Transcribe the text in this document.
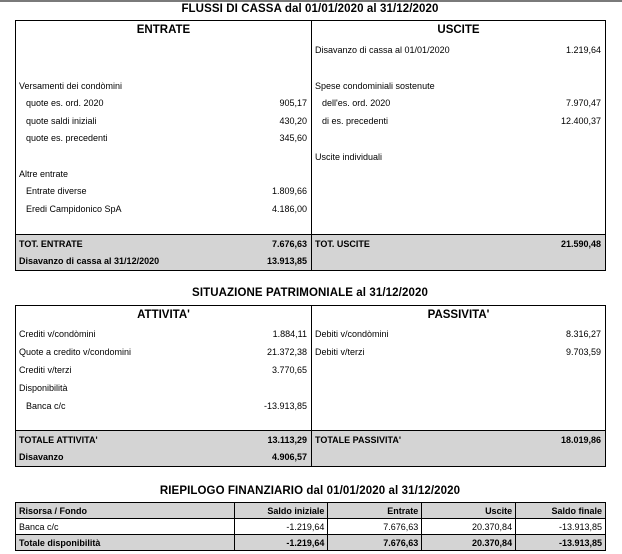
FLUSSI DI CASSA dal 01/01/2020 al 31/12/2020
ENTRATE
Versamenti dei condòmini
quote es. ord. 2020	905,17
quote saldi iniziali	430,20
quote es. precedenti	345,60
Altre entrate
Entrate diverse	1.809,66
Eredi Campidonico SpA	4.186,00
TOT. ENTRATE	7.676,63
Disavanzo di cassa al 31/12/2020	13.913,85
USCITE
Disavanzo di cassa al 01/01/2020	1.219,64
Spese condominiali sostenute
dell'es. ord. 2020	7.970,47
di es. precedenti	12.400,37
Uscite individuali
TOT. USCITE	21.590,48
SITUAZIONE PATRIMONIALE al 31/12/2020
ATTIVITA'
Crediti v/condòmini	1.884,11
Quote a credito v/condomini	21.372,38
Crediti v/terzi	3.770,65
Disponibilità
Banca c/c	-13.913,85
TOTALE ATTIVITA'	13.113,29
Disavanzo	4.906,57
PASSIVITA'
Debiti v/condòmini	8.316,27
Debiti v/terzi	9.703,59
TOTALE PASSIVITA'	18.019,86
RIEPILOGO FINANZIARIO dal 01/01/2020 al 31/12/2020
Risorsa / Fondo	Saldo iniziale	Entrate	Uscite	Saldo finale
Banca c/c	-1.219,64	7.676,63	20.370,84	-13.913,85
Totale disponibilità	-1.219,64	7.676,63	20.370,84	-13.913,85
